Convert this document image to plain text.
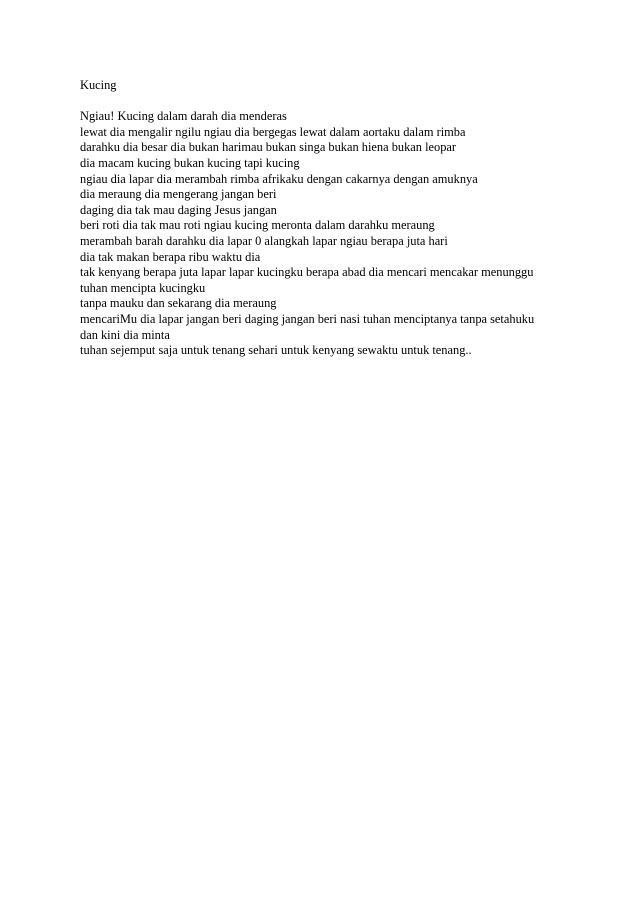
Kucing
Ngiau! Kucing dalam darah dia menderas
lewat dia mengalir ngilu ngiau dia bergegas lewat dalam aortaku dalam rimba
darahku dia besar dia bukan harimau bukan singa bukan hiena bukan leopar
dia macam kucing bukan kucing tapi kucing
ngiau dia lapar dia merambah rimba afrikaku dengan cakarnya dengan amuknya
dia meraung dia mengerang jangan beri
daging dia tak mau daging Jesus jangan
beri roti dia tak mau roti ngiau kucing meronta dalam darahku meraung
merambah barah darahku dia lapar 0 alangkah lapar ngiau berapa juta hari
dia tak makan berapa ribu waktu dia
tak kenyang berapa juta lapar lapar kucingku berapa abad dia mencari mencakar menunggu
tuhan mencipta kucingku
tanpa mauku dan sekarang dia meraung
mencariMu dia lapar jangan beri daging jangan beri nasi tuhan menciptanya tanpa setahuku
dan kini dia minta
tuhan sejemput saja untuk tenang sehari untuk kenyang sewaktu untuk tenang..
